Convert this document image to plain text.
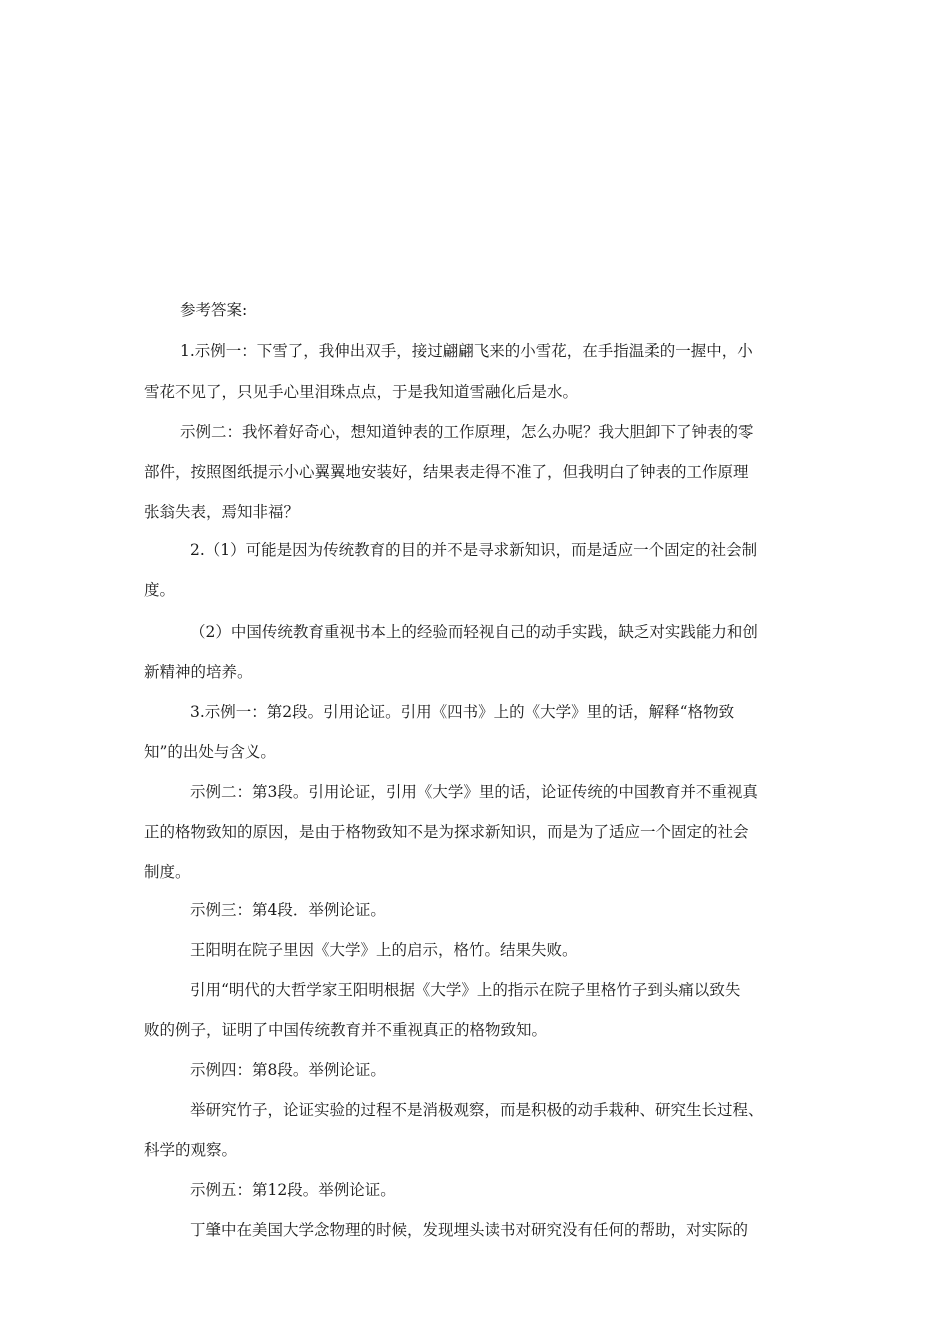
参考答案:

1.示例一：下雪了，我伸出双手，接过翩翩飞来的小雪花，在手指温柔的一握中，小

雪花不见了，只见手心里泪珠点点，于是我知道雪融化后是水。

示例二：我怀着好奇心，想知道钟表的工作原理，怎么办呢？我大胆卸下了钟表的零

部件，按照图纸提示小心翼翼地安装好，结果表走得不准了，但我明白了钟表的工作原理

张翁失表，焉知非福？

2.（1）可能是因为传统教育的目的并不是寻求新知识，而是适应一个固定的社会制

度。

（2）中国传统教育重视书本上的经验而轻视自己的动手实践，缺乏对实践能力和创

新精神的培养。

3.示例一：第2段。引用论证。引用《四书》上的《大学》里的话，解释“格物致

知”的出处与含义。

示例二：第3段。引用论证，引用《大学》里的话，论证传统的中国教育并不重视真

正的格物致知的原因，是由于格物致知不是为探求新知识，而是为了适应一个固定的社会

制度。

示例三：第4段．举例论证。

王阳明在院子里因《大学》上的启示，格竹。结果失败。

引用“明代的大哲学家王阳明根据《大学》上的指示在院子里格竹子到头痛以致失

败的例子，证明了中国传统教育并不重视真正的格物致知。

示例四：第8段。举例论证。

举研究竹子，论证实验的过程不是消极观察，而是积极的动手栽种、研究生长过程、

科学的观察。

示例五：第12段。举例论证。

丁肇中在美国大学念物理的时候，发现埋头读书对研究没有任何的帮助，对实际的
